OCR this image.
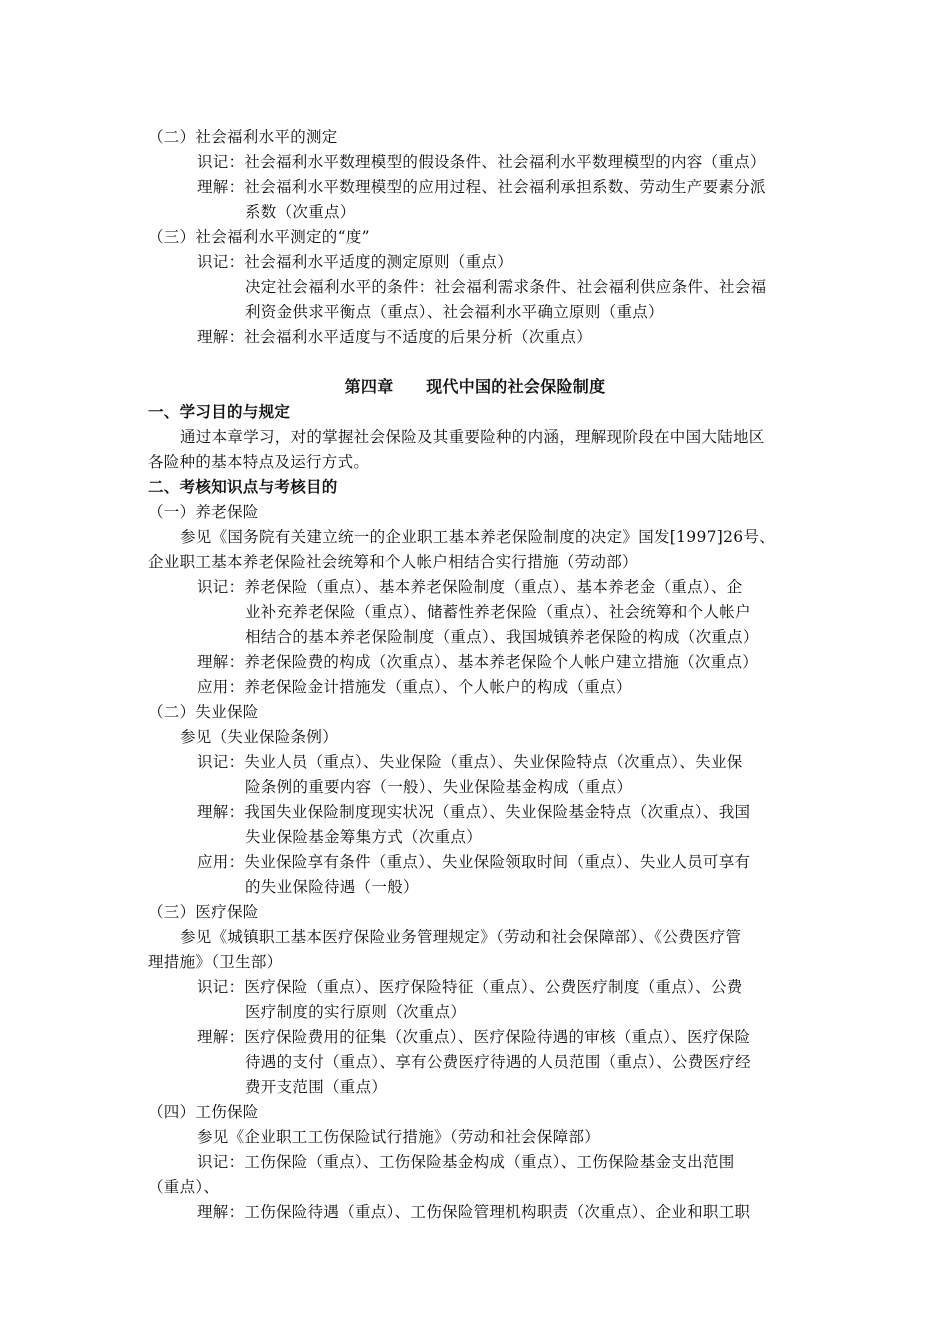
（二）社会福利水平的测定
识记：社会福利水平数理模型的假设条件、社会福利水平数理模型的内容（重点）
理解：社会福利水平数理模型的应用过程、社会福利承担系数、劳动生产要素分派
系数（次重点）
（三）社会福利水平测定的“度”
识记：社会福利水平适度的测定原则（重点）
决定社会福利水平的条件：社会福利需求条件、社会福利供应条件、社会福
利资金供求平衡点（重点）、社会福利水平确立原则（重点）
理解：社会福利水平适度与不适度的后果分析（次重点）
第四章　　现代中国的社会保险制度
一、学习目的与规定
通过本章学习，对的掌握社会保险及其重要险种的内涵，理解现阶段在中国大陆地区
各险种的基本特点及运行方式。
二、考核知识点与考核目的
（一）养老保险
参见《国务院有关建立统一的企业职工基本养老保险制度的决定》国发[1997]26号、
企业职工基本养老保险社会统筹和个人帐户相结合实行措施（劳动部）
识记：养老保险（重点）、基本养老保险制度（重点）、基本养老金（重点）、企
业补充养老保险（重点）、储蓄性养老保险（重点）、社会统筹和个人帐户
相结合的基本养老保险制度（重点）、我国城镇养老保险的构成（次重点）
理解：养老保险费的构成（次重点）、基本养老保险个人帐户建立措施（次重点）
应用：养老保险金计措施发（重点）、个人帐户的构成（重点）
（二）失业保险
参见（失业保险条例）
识记：失业人员（重点）、失业保险（重点）、失业保险特点（次重点）、失业保
险条例的重要内容（一般）、失业保险基金构成（重点）
理解：我国失业保险制度现实状况（重点）、失业保险基金特点（次重点）、我国
失业保险基金筹集方式（次重点）
应用：失业保险享有条件（重点）、失业保险领取时间（重点）、失业人员可享有
的失业保险待遇（一般）
（三）医疗保险
参见《城镇职工基本医疗保险业务管理规定》（劳动和社会保障部）、《公费医疗管
理措施》（卫生部）
识记：医疗保险（重点）、医疗保险特征（重点）、公费医疗制度（重点）、公费
医疗制度的实行原则（次重点）
理解：医疗保险费用的征集（次重点）、医疗保险待遇的审核（重点）、医疗保险
待遇的支付（重点）、享有公费医疗待遇的人员范围（重点）、公费医疗经
费开支范围（重点）
（四）工伤保险
参见《企业职工工伤保险试行措施》（劳动和社会保障部）
识记：工伤保险（重点）、工伤保险基金构成（重点）、工伤保险基金支出范围
（重点）、
理解：工伤保险待遇（重点）、工伤保险管理机构职责（次重点）、企业和职工职
